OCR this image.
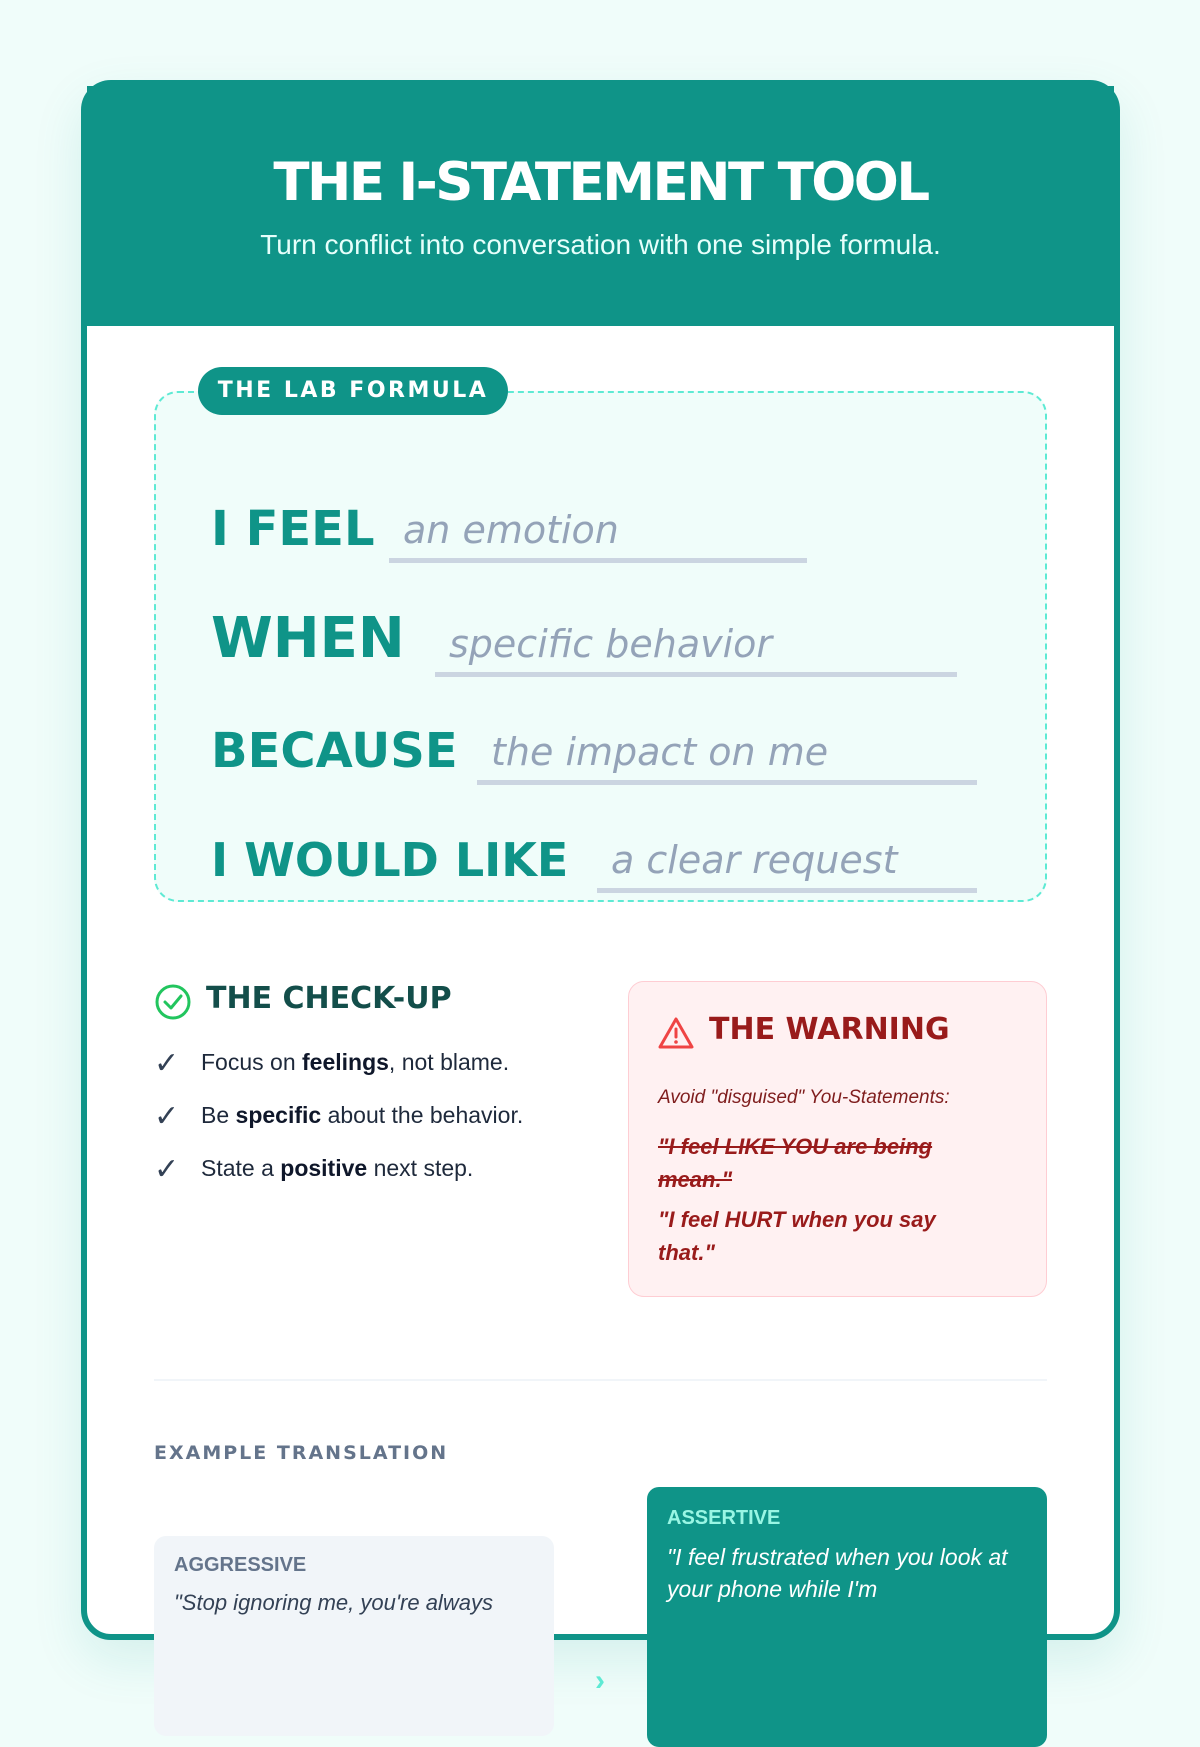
THE I-STATEMENT TOOL
Turn conflict into conversation with one simple formula.
THE LAB FORMULA
I FEEL an emotion
WHEN specific behavior
BECAUSE the impact on me
I WOULD LIKE a clear request
THE CHECK-UP
✓ Focus on feelings, not blame.
✓ Be specific about the behavior.
✓ State a positive next step.
THE WARNING
Avoid "disguised" You-Statements:
"I feel LIKE YOU are being mean."
"I feel HURT when you say that."
EXAMPLE TRANSLATION
AGGRESSIVE
"Stop ignoring me, you're always
›
ASSERTIVE
"I feel frustrated when you look at your phone while I'm
